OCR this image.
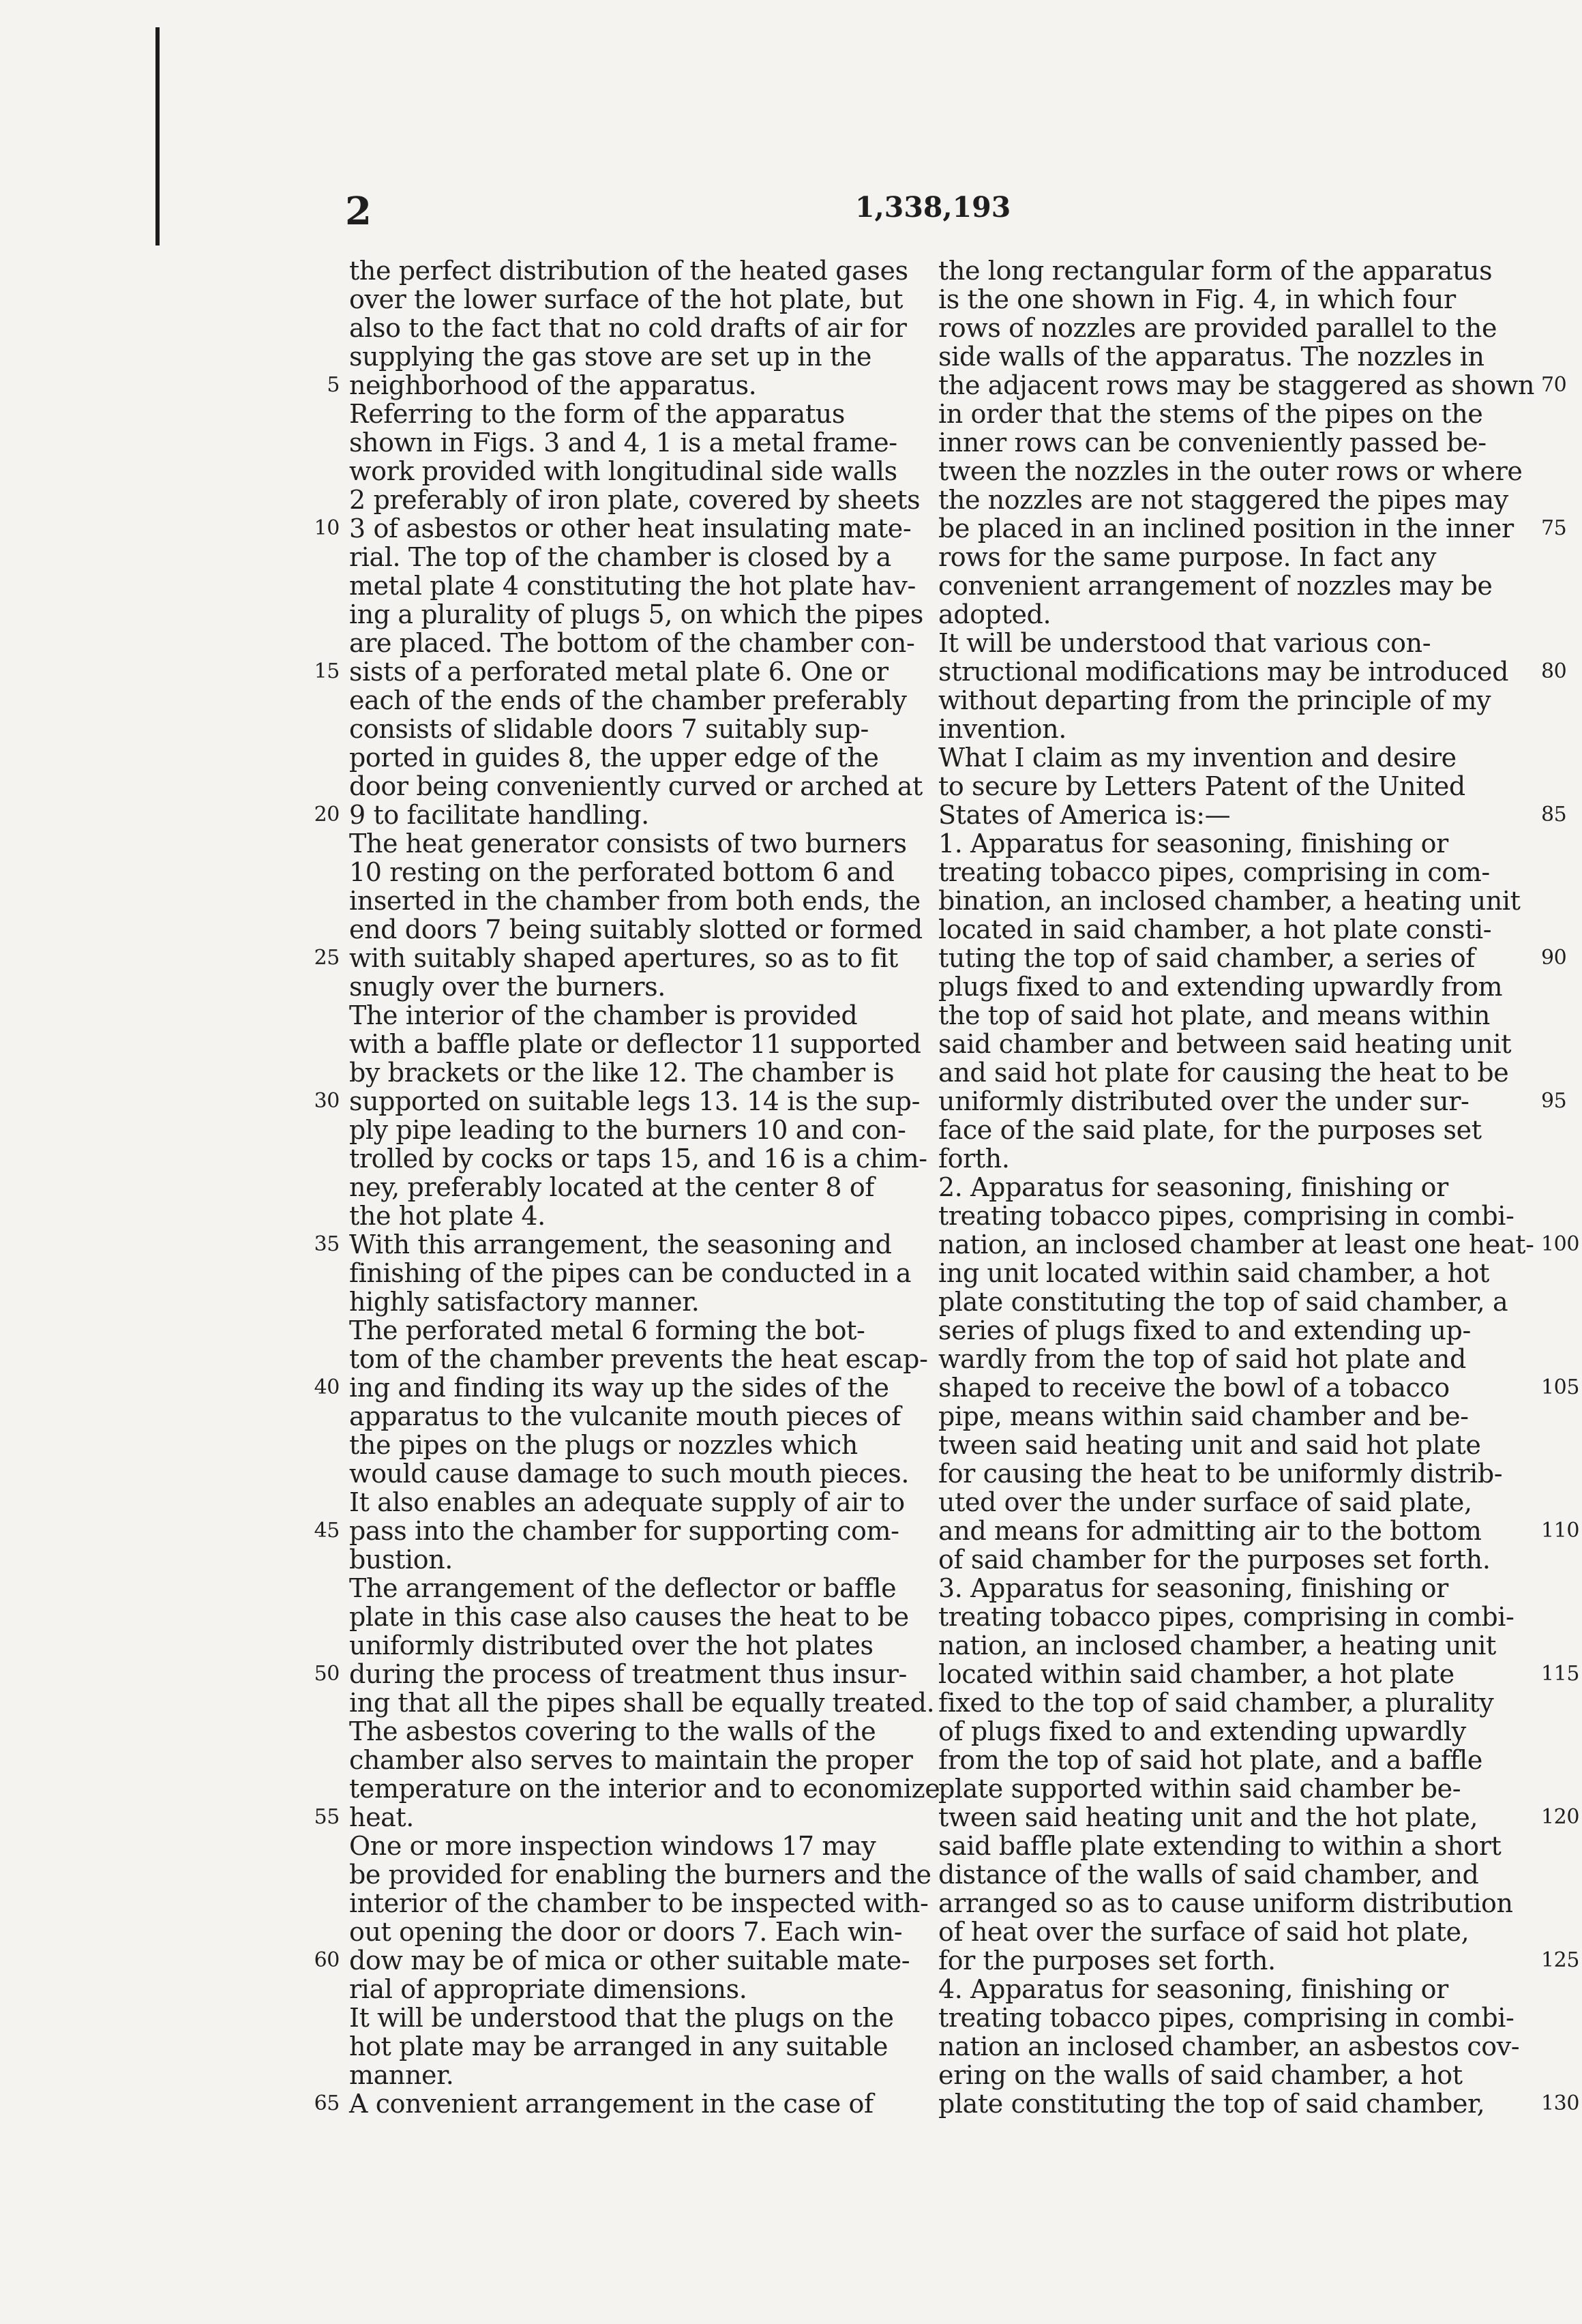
2	1,338,193
the perfect distribution of the heated gases
over the lower surface of the hot plate, but
also to the fact that no cold drafts of air for
supplying the gas stove are set up in the
neighborhood of the apparatus.
5
Referring to the form of the apparatus
shown in Figs. 3 and 4, 1 is a metal frame-
work provided with longitudinal side walls
2 preferably of iron plate, covered by sheets
3 of asbestos or other heat insulating mate-
10
rial. The top of the chamber is closed by a
metal plate 4 constituting the hot plate hav-
ing a plurality of plugs 5, on which the pipes
are placed. The bottom of the chamber con-
sists of a perforated metal plate 6. One or
15
each of the ends of the chamber preferably
consists of slidable doors 7 suitably sup-
ported in guides 8, the upper edge of the
door being conveniently curved or arched at
9 to facilitate handling.
20
The heat generator consists of two burners
10 resting on the perforated bottom 6 and
inserted in the chamber from both ends, the
end doors 7 being suitably slotted or formed
with suitably shaped apertures, so as to fit
25
snugly over the burners.
The interior of the chamber is provided
with a baffle plate or deflector 11 supported
by brackets or the like 12. The chamber is
supported on suitable legs 13. 14 is the sup-
30
ply pipe leading to the burners 10 and con-
trolled by cocks or taps 15, and 16 is a chim-
ney, preferably located at the center 8 of
the hot plate 4.
With this arrangement, the seasoning and
35
finishing of the pipes can be conducted in a
highly satisfactory manner.
The perforated metal 6 forming the bot-
tom of the chamber prevents the heat escap-
ing and finding its way up the sides of the
40
apparatus to the vulcanite mouth pieces of
the pipes on the plugs or nozzles which
would cause damage to such mouth pieces.
It also enables an adequate supply of air to
pass into the chamber for supporting com-
45
bustion.
The arrangement of the deflector or baffle
plate in this case also causes the heat to be
uniformly distributed over the hot plates
during the process of treatment thus insur-
50
ing that all the pipes shall be equally treated.
The asbestos covering to the walls of the
chamber also serves to maintain the proper
temperature on the interior and to economize
heat.
55
One or more inspection windows 17 may
be provided for enabling the burners and the
interior of the chamber to be inspected with-
out opening the door or doors 7. Each win-
dow may be of mica or other suitable mate-
60
rial of appropriate dimensions.
It will be understood that the plugs on the
hot plate may be arranged in any suitable
manner.
A convenient arrangement in the case of
65
the long rectangular form of the apparatus
is the one shown in Fig. 4, in which four
rows of nozzles are provided parallel to the
side walls of the apparatus. The nozzles in
the adjacent rows may be staggered as shown 70
in order that the stems of the pipes on the
inner rows can be conveniently passed be-
tween the nozzles in the outer rows or where
the nozzles are not staggered the pipes may
be placed in an inclined position in the inner 75
rows for the same purpose. In fact any
convenient arrangement of nozzles may be
adopted.
It will be understood that various con-
structional modifications may be introduced 80
without departing from the principle of my
invention.
What I claim as my invention and desire
to secure by Letters Patent of the United
States of America is:—	85
1. Apparatus for seasoning, finishing or
treating tobacco pipes, comprising in com-
bination, an inclosed chamber, a heating unit
located in said chamber, a hot plate consti-
tuting the top of said chamber, a series of	90
plugs fixed to and extending upwardly from
the top of said hot plate, and means within
said chamber and between said heating unit
and said hot plate for causing the heat to be
uniformly distributed over the under sur-	95
face of the said plate, for the purposes set
forth.
2. Apparatus for seasoning, finishing or
treating tobacco pipes, comprising in combi-
nation, an inclosed chamber at least one heat- 100
ing unit located within said chamber, a hot
plate constituting the top of said chamber, a
series of plugs fixed to and extending up-
wardly from the top of said hot plate and
shaped to receive the bowl of a tobacco	105
pipe, means within said chamber and be-
tween said heating unit and said hot plate
for causing the heat to be uniformly distrib-
uted over the under surface of said plate,
and means for admitting air to the bottom	110
of said chamber for the purposes set forth.
3. Apparatus for seasoning, finishing or
treating tobacco pipes, comprising in combi-
nation, an inclosed chamber, a heating unit
located within said chamber, a hot plate	115
fixed to the top of said chamber, a plurality
of plugs fixed to and extending upwardly
from the top of said hot plate, and a baffle
plate supported within said chamber be-
tween said heating unit and the hot plate,	120
said baffle plate extending to within a short
distance of the walls of said chamber, and
arranged so as to cause uniform distribution
of heat over the surface of said hot plate,
for the purposes set forth.	125
4. Apparatus for seasoning, finishing or
treating tobacco pipes, comprising in combi-
nation an inclosed chamber, an asbestos cov-
ering on the walls of said chamber, a hot
plate constituting the top of said chamber,	130
